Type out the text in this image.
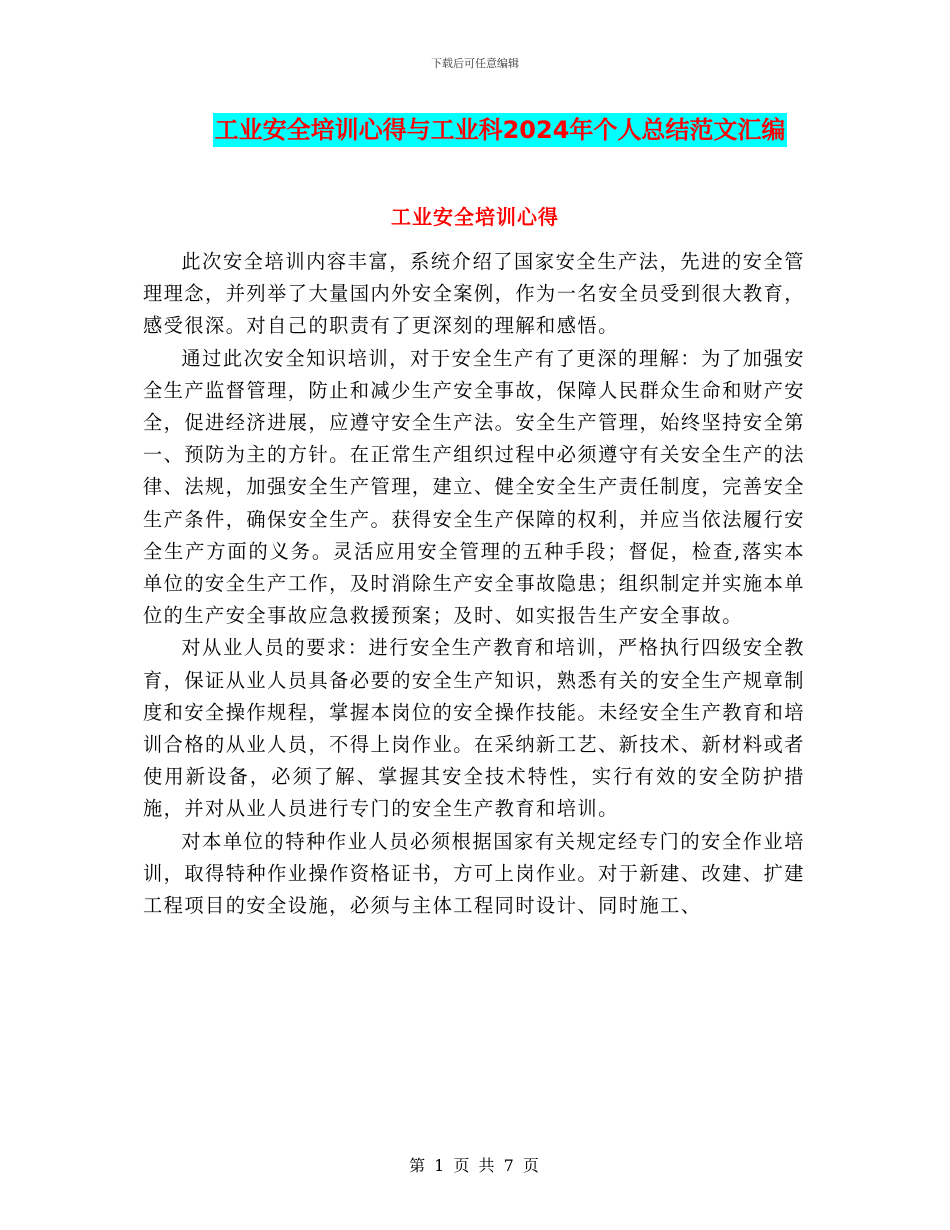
下载后可任意编辑
工业安全培训心得与工业科2024年个人总结范文汇编
工业安全培训心得

此次安全培训内容丰富，系统介绍了国家安全生产法，先进的安全管理理念，并列举了大量国内外安全案例，作为一名安全员受到很大教育，感受很深。对自己的职责有了更深刻的理解和感悟。

通过此次安全知识培训，对于安全生产有了更深的理解：为了加强安全生产监督管理，防止和减少生产安全事故，保障人民群众生命和财产安全，促进经济进展，应遵守安全生产法。安全生产管理，始终坚持安全第一、预防为主的方针。在正常生产组织过程中必须遵守有关安全生产的法律、法规，加强安全生产管理，建立、健全安全生产责任制度，完善安全生产条件，确保安全生产。获得安全生产保障的权利，并应当依法履行安全生产方面的义务。灵活应用安全管理的五种手段；督促，检查,落实本单位的安全生产工作，及时消除生产安全事故隐患；组织制定并实施本单位的生产安全事故应急救援预案；及时、如实报告生产安全事故。

对从业人员的要求：进行安全生产教育和培训，严格执行四级安全教育，保证从业人员具备必要的安全生产知识，熟悉有关的安全生产规章制度和安全操作规程，掌握本岗位的安全操作技能。未经安全生产教育和培训合格的从业人员，不得上岗作业。在采纳新工艺、新技术、新材料或者使用新设备，必须了解、掌握其安全技术特性，实行有效的安全防护措施，并对从业人员进行专门的安全生产教育和培训。

对本单位的特种作业人员必须根据国家有关规定经专门的安全作业培训，取得特种作业操作资格证书，方可上岗作业。对于新建、改建、扩建工程项目的安全设施，必须与主体工程同时设计、同时施工、

第 1 页 共 7 页
